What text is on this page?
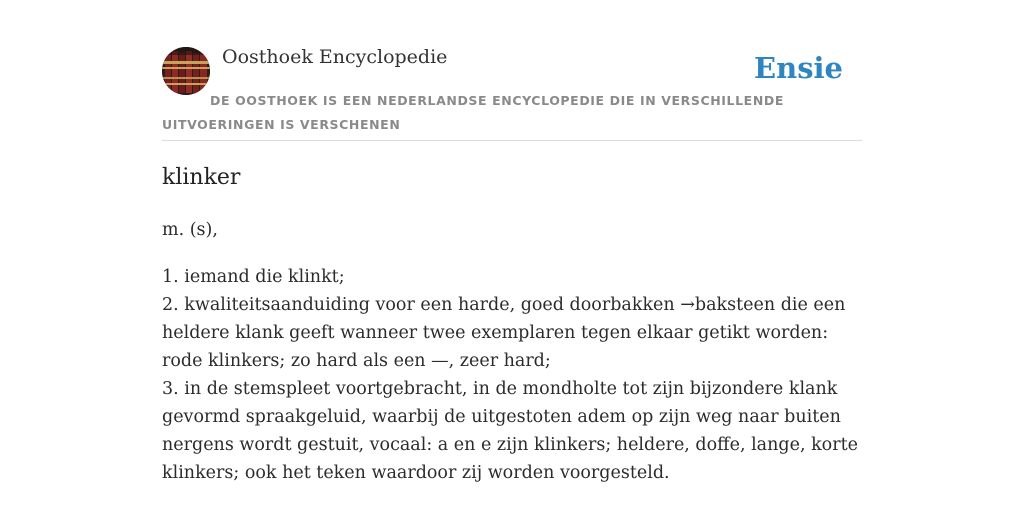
Oosthoek Encyclopedie	Ensie
DE OOSTHOEK IS EEN NEDERLANDSE ENCYCLOPEDIE DIE IN VERSCHILLENDE UITVOERINGEN IS VERSCHENEN
klinker

m. (s),

1. iemand die klinkt;
2. kwaliteitsaanduiding voor een harde, goed doorbakken →baksteen die een heldere klank geeft wanneer twee exemplaren tegen elkaar getikt worden: rode klinkers; zo hard als een —, zeer hard;
3. in de stemspleet voortgebracht, in de mondholte tot zijn bijzondere klank gevormd spraakgeluid, waarbij de uitgestoten adem op zijn weg naar buiten nergens wordt gestuit, vocaal: a en e zijn klinkers; heldere, doffe, lange, korte klinkers; ook het teken waardoor zij worden voorgesteld.
